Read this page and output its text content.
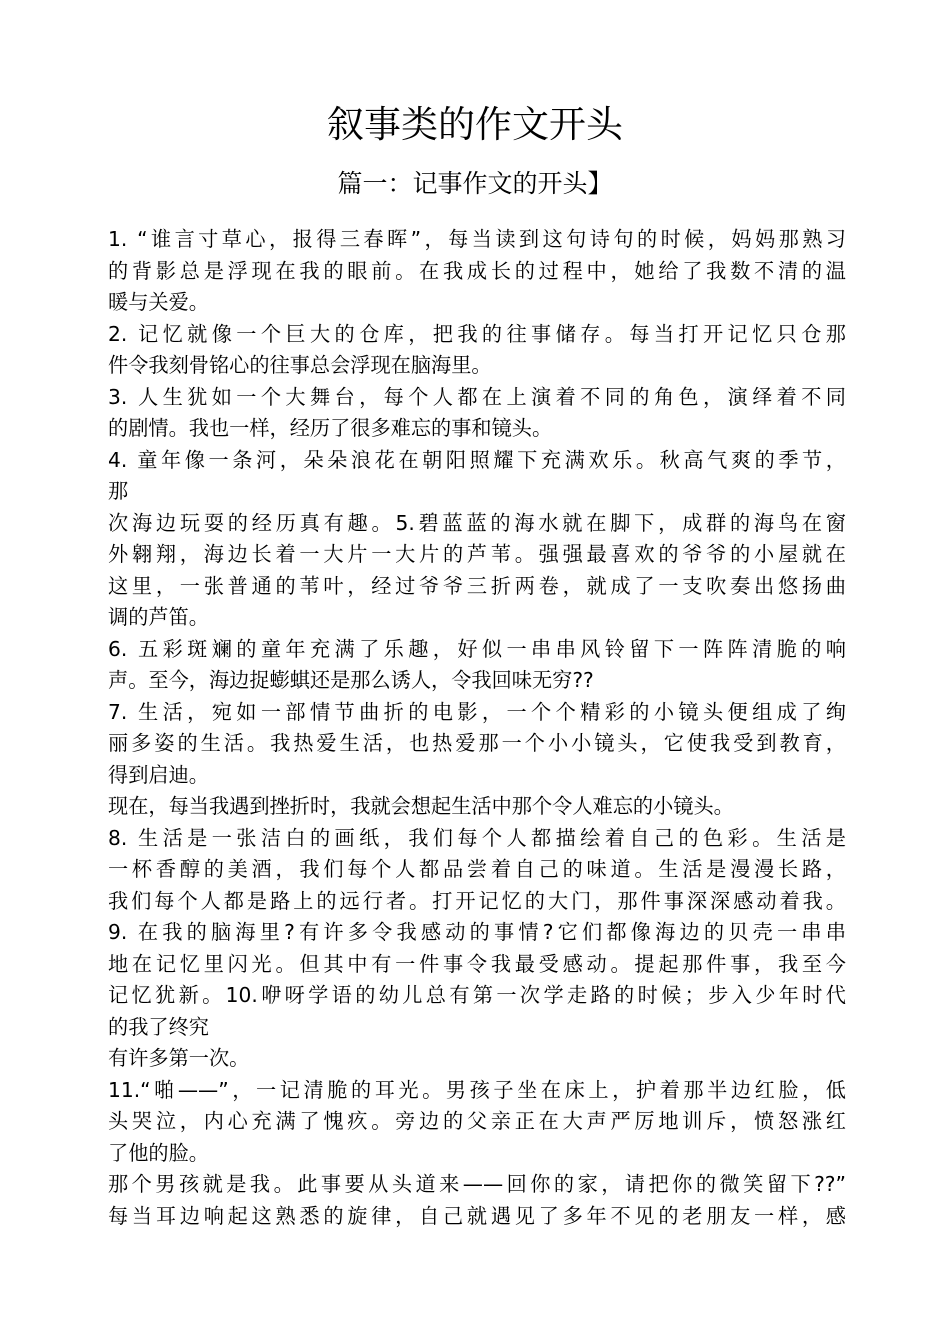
叙事类的作文开头
篇一：记事作文的开头】
1. “谁言寸草心，报得三春晖”，每当读到这句诗句的时候，妈妈那熟习
的背影总是浮现在我的眼前。在我成长的过程中，她给了我数不清的温
暖与关爱。
2. 记忆就像一个巨大的仓库，把我的往事储存。每当打开记忆只仓那
件令我刻骨铭心的往事总会浮现在脑海里。
3. 人生犹如一个大舞台，每个人都在上演着不同的角色，演绎着不同
的剧情。我也一样，经历了很多难忘的事和镜头。
4. 童年像一条河，朵朵浪花在朝阳照耀下充满欢乐。秋高气爽的季节，
那
次海边玩耍的经历真有趣。5.碧蓝蓝的海水就在脚下，成群的海鸟在窗
外翱翔，海边长着一大片一大片的芦苇。强强最喜欢的爷爷的小屋就在
这里，一张普通的苇叶，经过爷爷三折两卷，就成了一支吹奏出悠扬曲
调的芦笛。
6. 五彩斑斓的童年充满了乐趣，好似一串串风铃留下一阵阵清脆的响
声。至今，海边捉蟛蜞还是那么诱人，令我回味无穷??
7. 生活，宛如一部情节曲折的电影，一个个精彩的小镜头便组成了绚
丽多姿的生活。我热爱生活，也热爱那一个小小镜头，它使我受到教育，
得到启迪。
现在，每当我遇到挫折时，我就会想起生活中那个令人难忘的小镜头。
8. 生活是一张洁白的画纸，我们每个人都描绘着自己的色彩。生活是
一杯香醇的美酒，我们每个人都品尝着自己的味道。生活是漫漫长路，
我们每个人都是路上的远行者。打开记忆的大门，那件事深深感动着我。
9. 在我的脑海里?有许多令我感动的事情?它们都像海边的贝壳一串串
地在记忆里闪光。但其中有一件事令我最受感动。提起那件事，我至今
记忆犹新。10.咿呀学语的幼儿总有第一次学走路的时候；步入少年时代
的我了终究
有许多第一次。
11.“啪——”，一记清脆的耳光。男孩子坐在床上，护着那半边红脸，低
头哭泣，内心充满了愧疚。旁边的父亲正在大声严厉地训斥，愤怒涨红
了他的脸。
那个男孩就是我。此事要从头道来——回你的家，请把你的微笑留下??”
每当耳边响起这熟悉的旋律，自己就遇见了多年不见的老朋友一样，感
